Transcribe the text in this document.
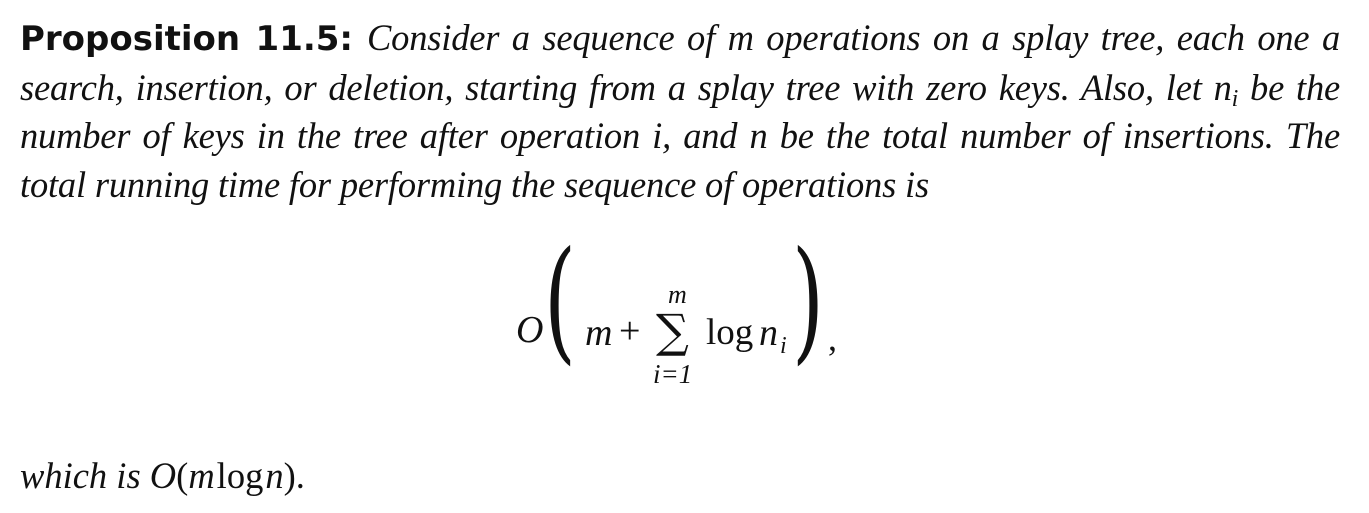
Proposition 11.5: Consider a sequence of m operations on a splay tree, each one a search, insertion, or deletion, starting from a splay tree with zero keys. Also, let $n_i$ be the number of keys in the tree after operation i, and n be the total number of insertions. The total running time for performing the sequence of operations is

O ( m +
m
∑
i=1
log n i ) ,

which is O(mlogn).
